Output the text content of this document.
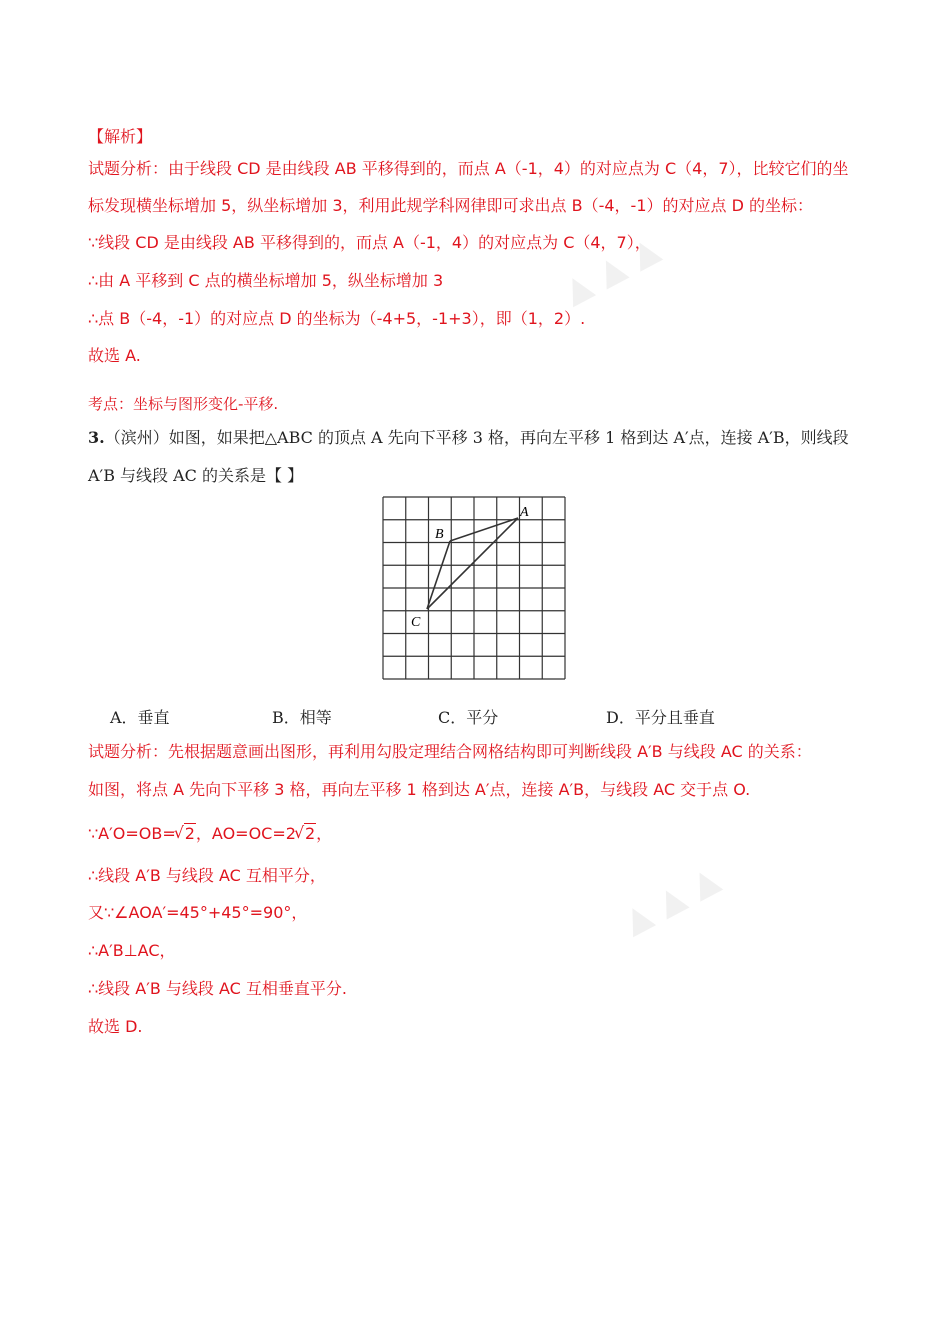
▲ ▲ ▲
▲ ▲ ▲
【解析】
试题分析：由于线段 CD 是由线段 AB 平移得到的，而点 A（-1，4）的对应点为 C（4，7），比较它们的坐
标发现横坐标增加 5，纵坐标增加 3，利用此规学科网律即可求出点 B（-4，-1）的对应点 D 的坐标：
∵线段 CD 是由线段 AB 平移得到的，而点 A（-1，4）的对应点为 C（4，7），
∴由 A 平移到 C 点的横坐标增加 5，纵坐标增加 3
∴点 B（-4，-1）的对应点 D 的坐标为（-4+5，-1+3），即（1，2）.
故选 A.
考点：坐标与图形变化-平移.
3.（滨州）如图，如果把△ABC 的顶点 A 先向下平移 3 格，再向左平移 1 格到达 A′点，连接 A′B，则线段
A′B 与线段 AC 的关系是【 】
A
B
C
A．垂直	B．相等	C．平分	D．平分且垂直
试题分析：先根据题意画出图形，再利用勾股定理结合网格结构即可判断线段 A′B 与线段 AC 的关系：
如图，将点 A 先向下平移 3 格，再向左平移 1 格到达 A′点，连接 A′B，与线段 AC 交于点 O.
∵A′O=OB= √ 2，AO=OC=2 √ 2，
∴线段 A′B 与线段 AC 互相平分，
又∵∠AOA′=45°+45°=90°，
∴A′B⊥AC，
∴线段 A′B 与线段 AC 互相垂直平分.
故选 D.
